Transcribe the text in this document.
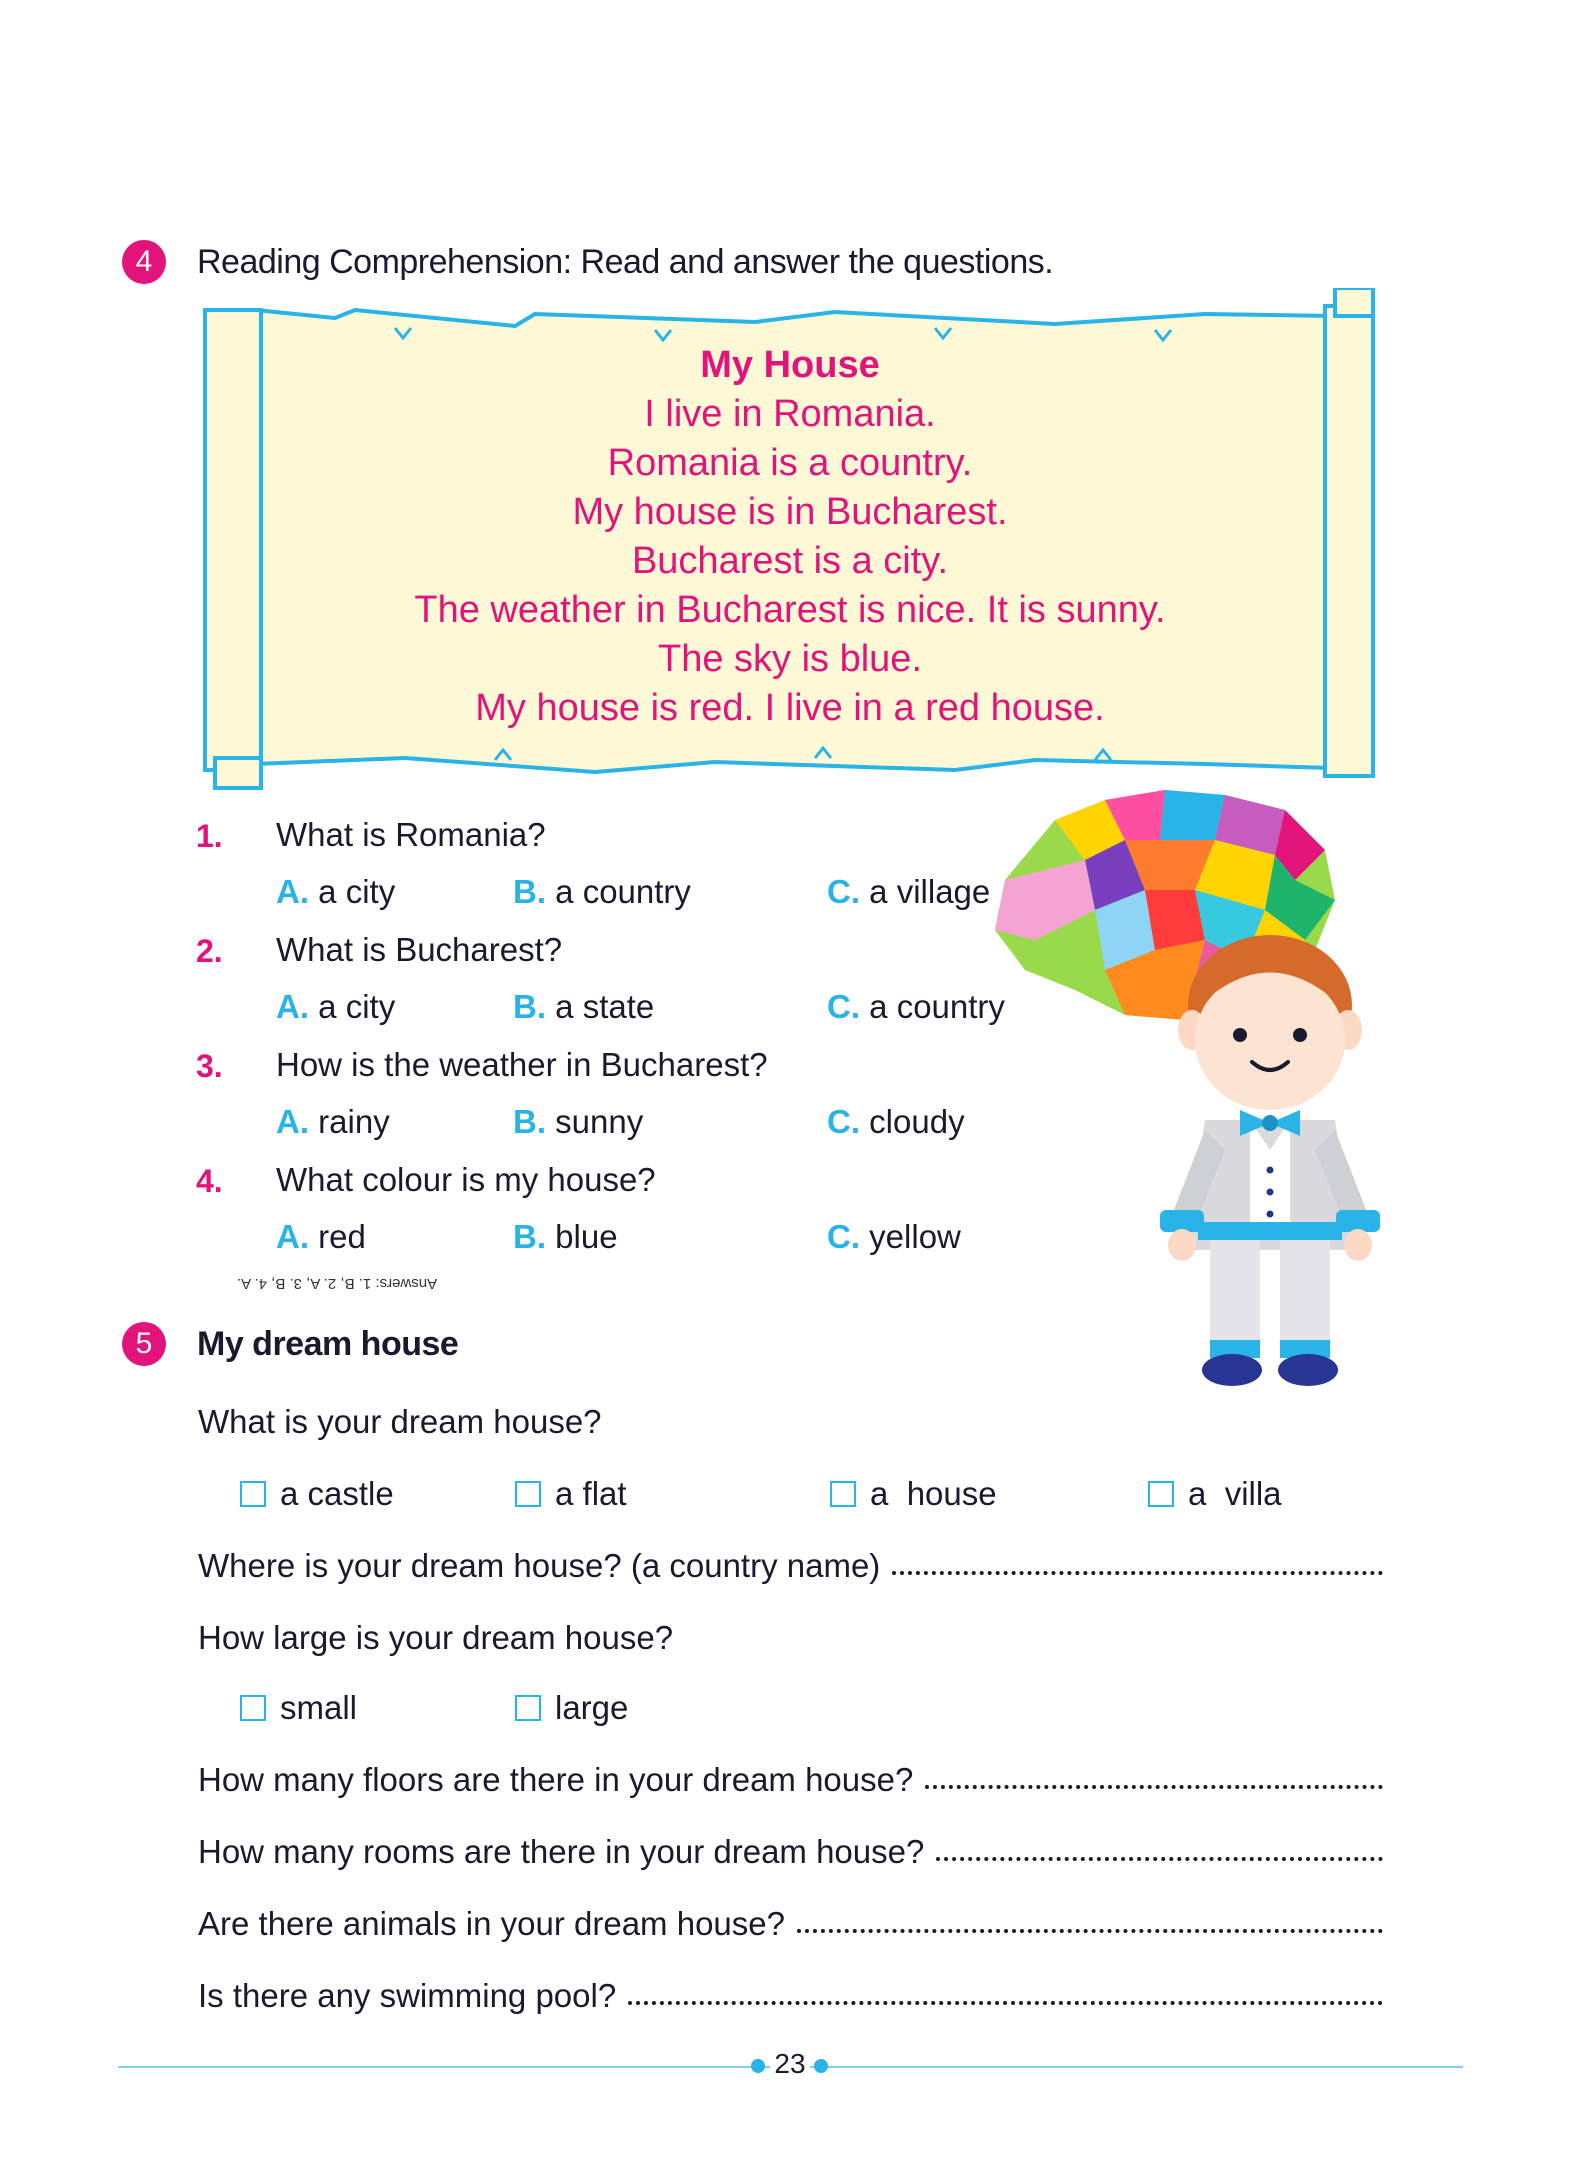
4	Reading Comprehension: Read and answer the questions.
My House
I live in Romania.
Romania is a country.
My house is in Bucharest.
Bucharest is a city.
The weather in Bucharest is nice. It is sunny.
The sky is blue.
My house is red. I live in a red house.
1. What is Romania?
A. a city	B. a country	C. a village
2. What is Bucharest?
A. a city	B. a state	C. a country
3. How is the weather in Bucharest?
A. rainy	B. sunny	C. cloudy
4. What colour is my house?
A. red	B. blue	C. yellow
Answers: 1. B, 2. A, 3. B, 4. A.
5	My dream house
What is your dream house?
a castle	a flat	a  house	a  villa
Where is your dream house? (a country name)
How large is your dream house?
small	large
How many floors are there in your dream house?
How many rooms are there in your dream house?
Are there animals in your dream house?
Is there any swimming pool?
23
